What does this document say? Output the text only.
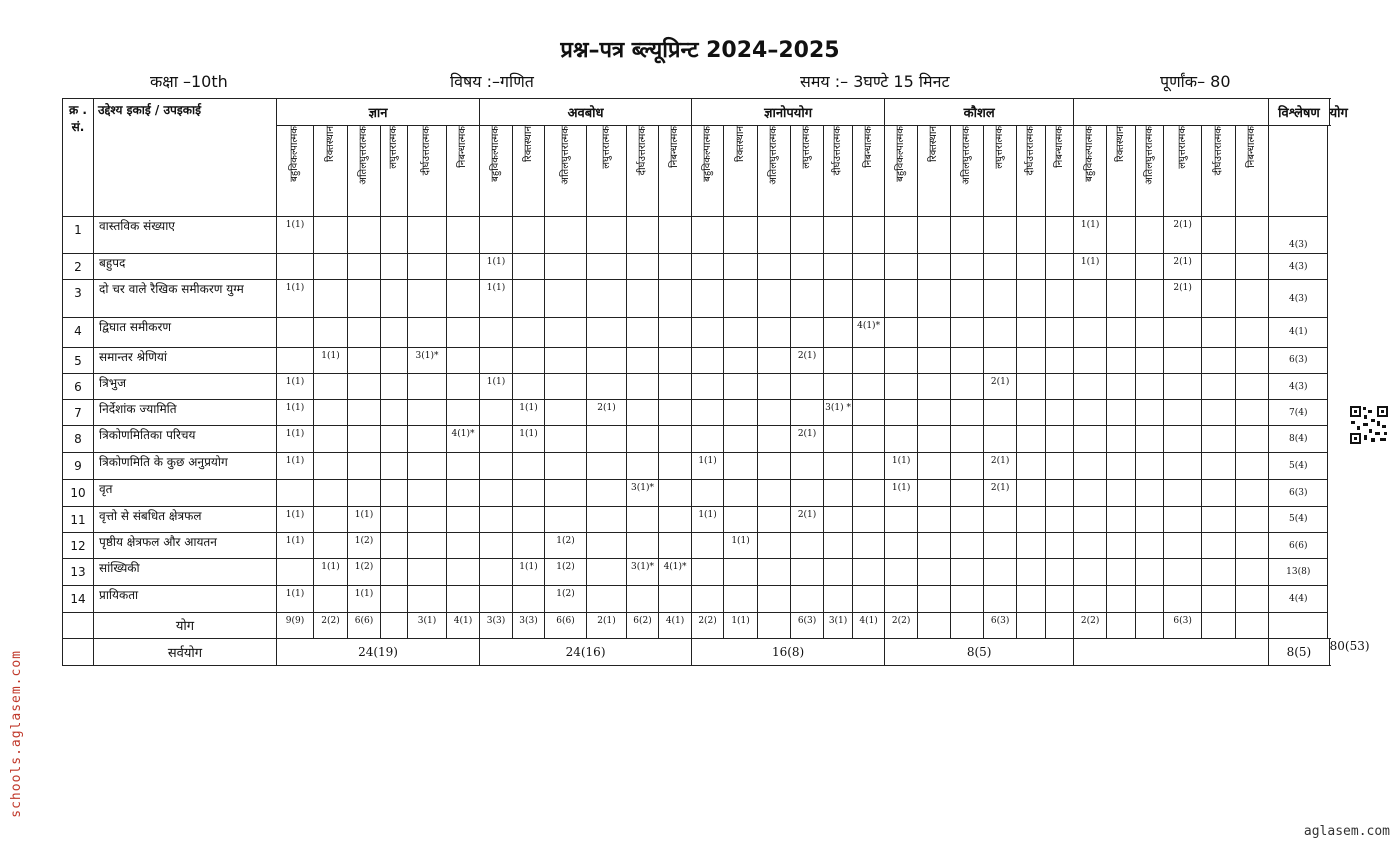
प्रश्न–पत्र ब्ल्यूप्रिन्ट 2024–2025
कक्षा –10th	विषय :–गणित	समय :– 3घण्टे 15 मिनट	पूर्णांक– 80
क्र . सं.	उद्देश्य इकाई / उपइकाई	ज्ञान						अवबोध						ज्ञानोपयोग						कौशल												विश्लेषण	योग
		बहुविकल्पात्मक	रिक्तस्थान	अतिलघुत्तरात्मक	लघुत्तरात्मक	दीर्घउत्तरात्मक	निबन्धात्मक	बहुविकल्पात्मक	रिक्तस्थान	अतिलघुत्तरात्मक	लघुत्तरात्मक	दीर्घउत्तरात्मक	निबन्धात्मक	बहुविकल्पात्मक	रिक्तस्थान	अतिलघुत्तरात्मक	लघुत्तरात्मक	दीर्घउत्तरात्मक	निबन्धात्मक	बहुविकल्पात्मक	रिक्तस्थान	अतिलघुत्तरात्मक	लघुत्तरात्मक	दीर्घउत्तरात्मक	निबन्धात्मक	बहुविकल्पात्मक	रिक्तस्थान	अतिलघुत्तरात्मक	लघुत्तरात्मक	दीर्घउत्तरात्मक	निबन्धात्मक		
1	वास्तविक संख्याए	1(1)																								1(1)			2(1)			4(3)	
2	बहुपद							1(1)																		1(1)			2(1)			4(3)	
3	दो चर वाले रैखिक समीकरण युग्म	1(1)						1(1)																					2(1)			4(3)	
4	द्विघात समीकरण																		4(1)*													4(1)	
5	समान्तर श्रेणियां		1(1)			3(1)*											2(1)															6(3)	
6	त्रिभुज	1(1)						1(1)															2(1)									4(3)	
7	निर्देशांक ज्यामिति	1(1)							1(1)		2(1)							3(1) *														7(4)	
8	त्रिकोणमितिका परिचय	1(1)					4(1)*		1(1)								2(1)															8(4)	
9	त्रिकोणमिति के कुछ अनुप्रयोग	1(1)												1(1)						1(1)			2(1)									5(4)	
10	वृत											3(1)*								1(1)			2(1)									6(3)	
11	वृत्तो से संबधित क्षेत्रफल	1(1)		1(1)										1(1)			2(1)															5(4)	
12	पृष्ठीय क्षेत्रफल और आयतन	1(1)		1(2)						1(2)					1(1)																	6(6)	
13	सांख्यिकी		1(1)	1(2)					1(1)	1(2)		3(1)*	4(1)*																			13(8)	
14	प्रायिकता	1(1)		1(1)						1(2)																						4(4)	
	योग	9(9)	2(2)	6(6)		3(1)	4(1)	3(3)	3(3)	6(6)	2(1)	6(2)	4(1)	2(2)	1(1)		6(3)	3(1)	4(1)	2(2)			6(3)			2(2)			6(3)				
	सर्वयोग	24(19)						24(16)						16(8)						8(5)												8(5)	80(53)
schools.aglasem.com
aglasem.com
